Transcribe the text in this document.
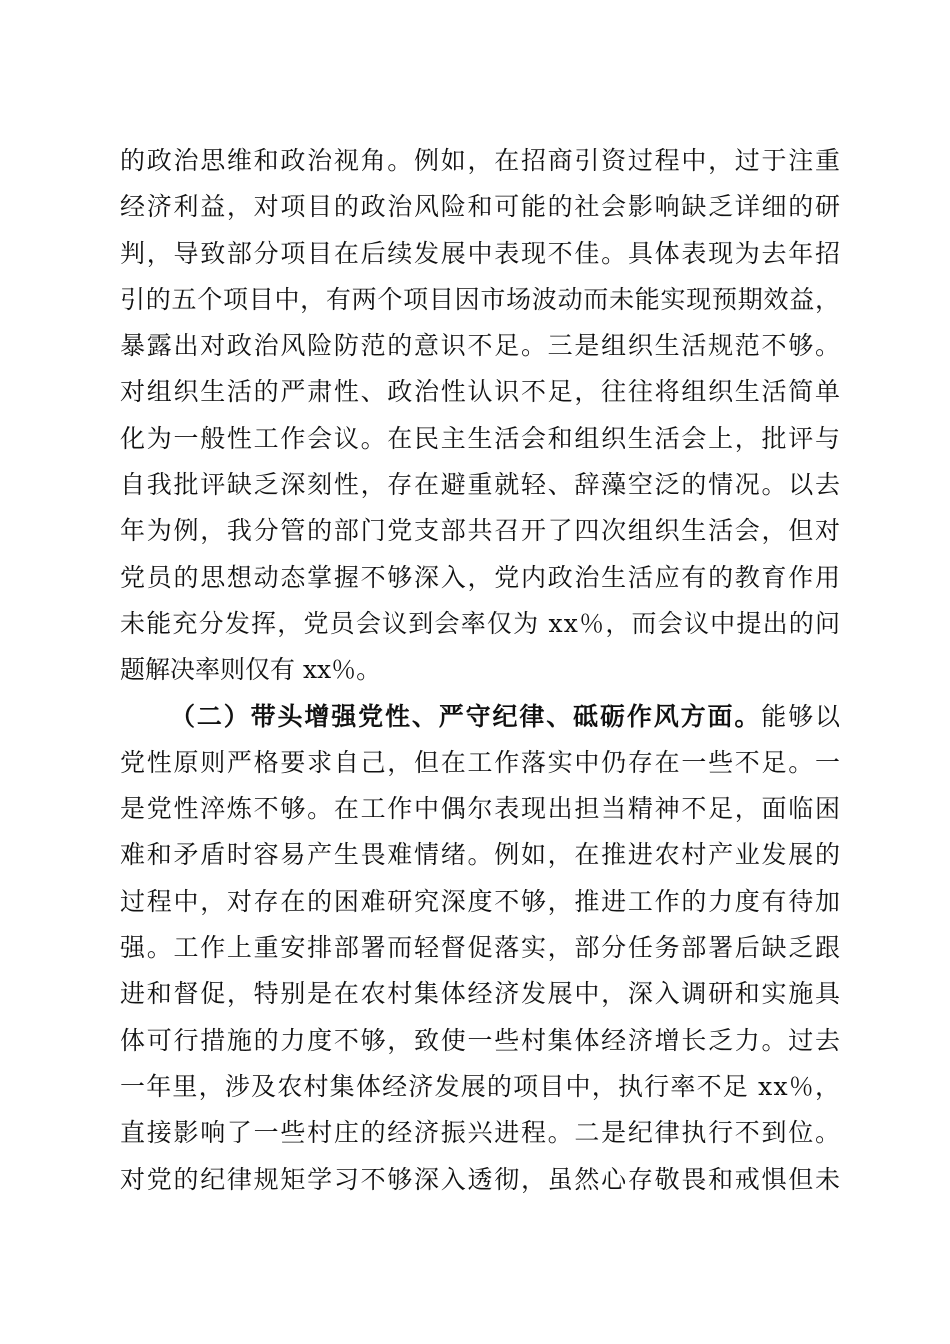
的政治思维和政治视角。例如，在招商引资过程中，过于注重
经济利益，对项目的政治风险和可能的社会影响缺乏详细的研
判，导致部分项目在后续发展中表现不佳。具体表现为去年招
引的五个项目中，有两个项目因市场波动而未能实现预期效益，
暴露出对政治风险防范的意识不足。三是组织生活规范不够。
对组织生活的严肃性、政治性认识不足，往往将组织生活简单
化为一般性工作会议。在民主生活会和组织生活会上，批评与
自我批评缺乏深刻性，存在避重就轻、辞藻空泛的情况。以去
年为例，我分管的部门党支部共召开了四次组织生活会，但对
党员的思想动态掌握不够深入，党内政治生活应有的教育作用
未能充分发挥，党员会议到会率仅为 xx％，而会议中提出的问
题解决率则仅有 xx％。
（二）带头增强党性、严守纪律、砥砺作风方面。能够以
党性原则严格要求自己，但在工作落实中仍存在一些不足。一
是党性淬炼不够。在工作中偶尔表现出担当精神不足，面临困
难和矛盾时容易产生畏难情绪。例如，在推进农村产业发展的
过程中，对存在的困难研究深度不够，推进工作的力度有待加
强。工作上重安排部署而轻督促落实，部分任务部署后缺乏跟
进和督促，特别是在农村集体经济发展中，深入调研和实施具
体可行措施的力度不够，致使一些村集体经济增长乏力。过去
一年里，涉及农村集体经济发展的项目中，执行率不足 xx％，
直接影响了一些村庄的经济振兴进程。二是纪律执行不到位。
对党的纪律规矩学习不够深入透彻，虽然心存敬畏和戒惧但未
